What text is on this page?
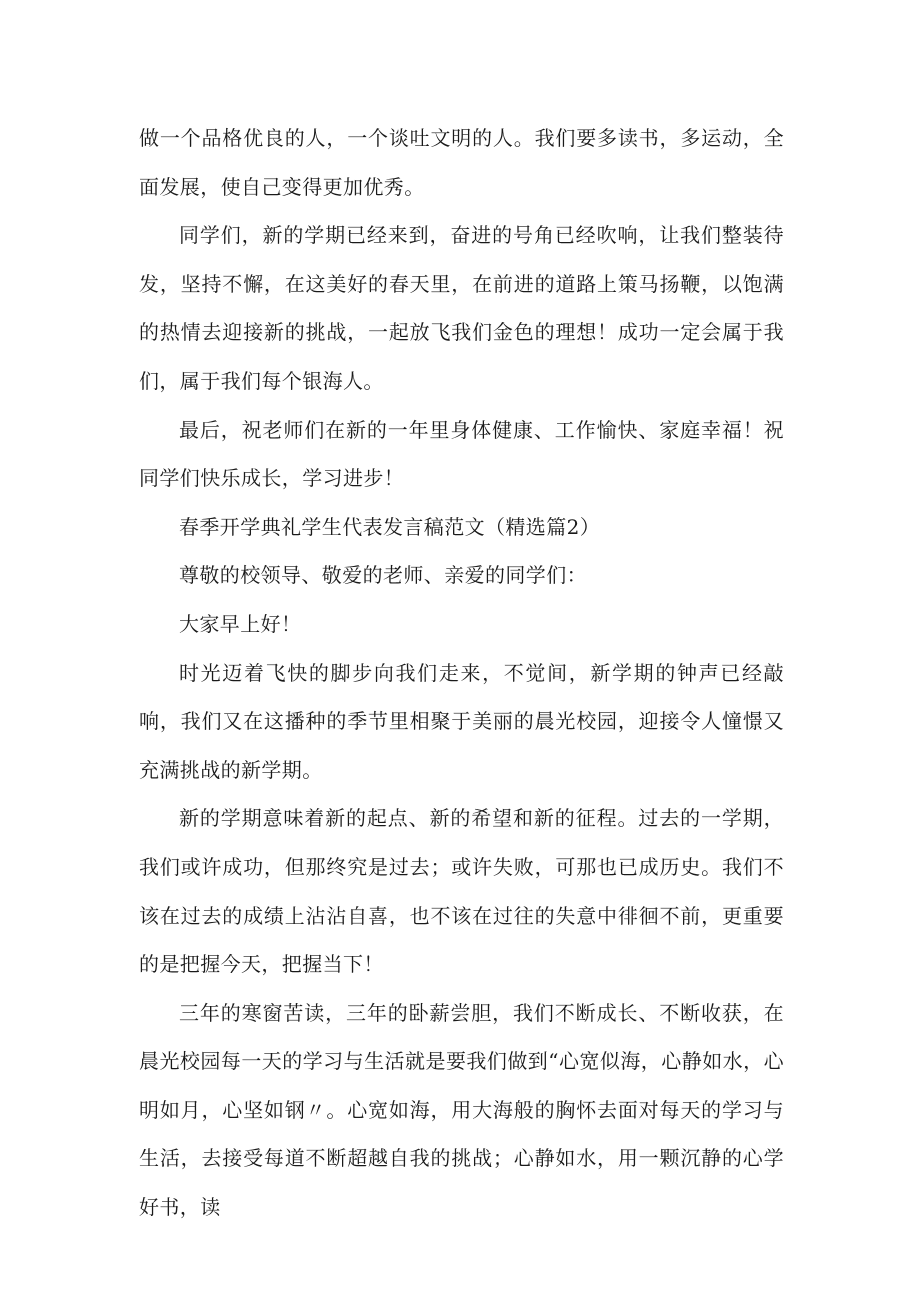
做一个品格优良的人，一个谈吐文明的人。我们要多读书，多运动，全面发展，使自己变得更加优秀。

同学们，新的学期已经来到，奋进的号角已经吹响，让我们整装待发，坚持不懈，在这美好的春天里，在前进的道路上策马扬鞭，以饱满的热情去迎接新的挑战，一起放飞我们金色的理想！成功一定会属于我们，属于我们每个银海人。

最后，祝老师们在新的一年里身体健康、工作愉快、家庭幸福！祝同学们快乐成长，学习进步！

春季开学典礼学生代表发言稿范文（精选篇2）

尊敬的校领导、敬爱的老师、亲爱的同学们：

大家早上好！

时光迈着飞快的脚步向我们走来，不觉间，新学期的钟声已经敲响，我们又在这播种的季节里相聚于美丽的晨光校园，迎接令人憧憬又充满挑战的新学期。

新的学期意味着新的起点、新的希望和新的征程。过去的一学期，我们或许成功，但那终究是过去；或许失败，可那也已成历史。我们不该在过去的成绩上沾沾自喜，也不该在过往的失意中徘徊不前，更重要的是把握今天，把握当下！

三年的寒窗苦读，三年的卧薪尝胆，我们不断成长、不断收获，在晨光校园每一天的学习与生活就是要我们做到“心宽似海，心静如水，心明如月，心坚如钢〃。心宽如海，用大海般的胸怀去面对每天的学习与生活，去接受每道不断超越自我的挑战；心静如水，用一颗沉静的心学好书，读
